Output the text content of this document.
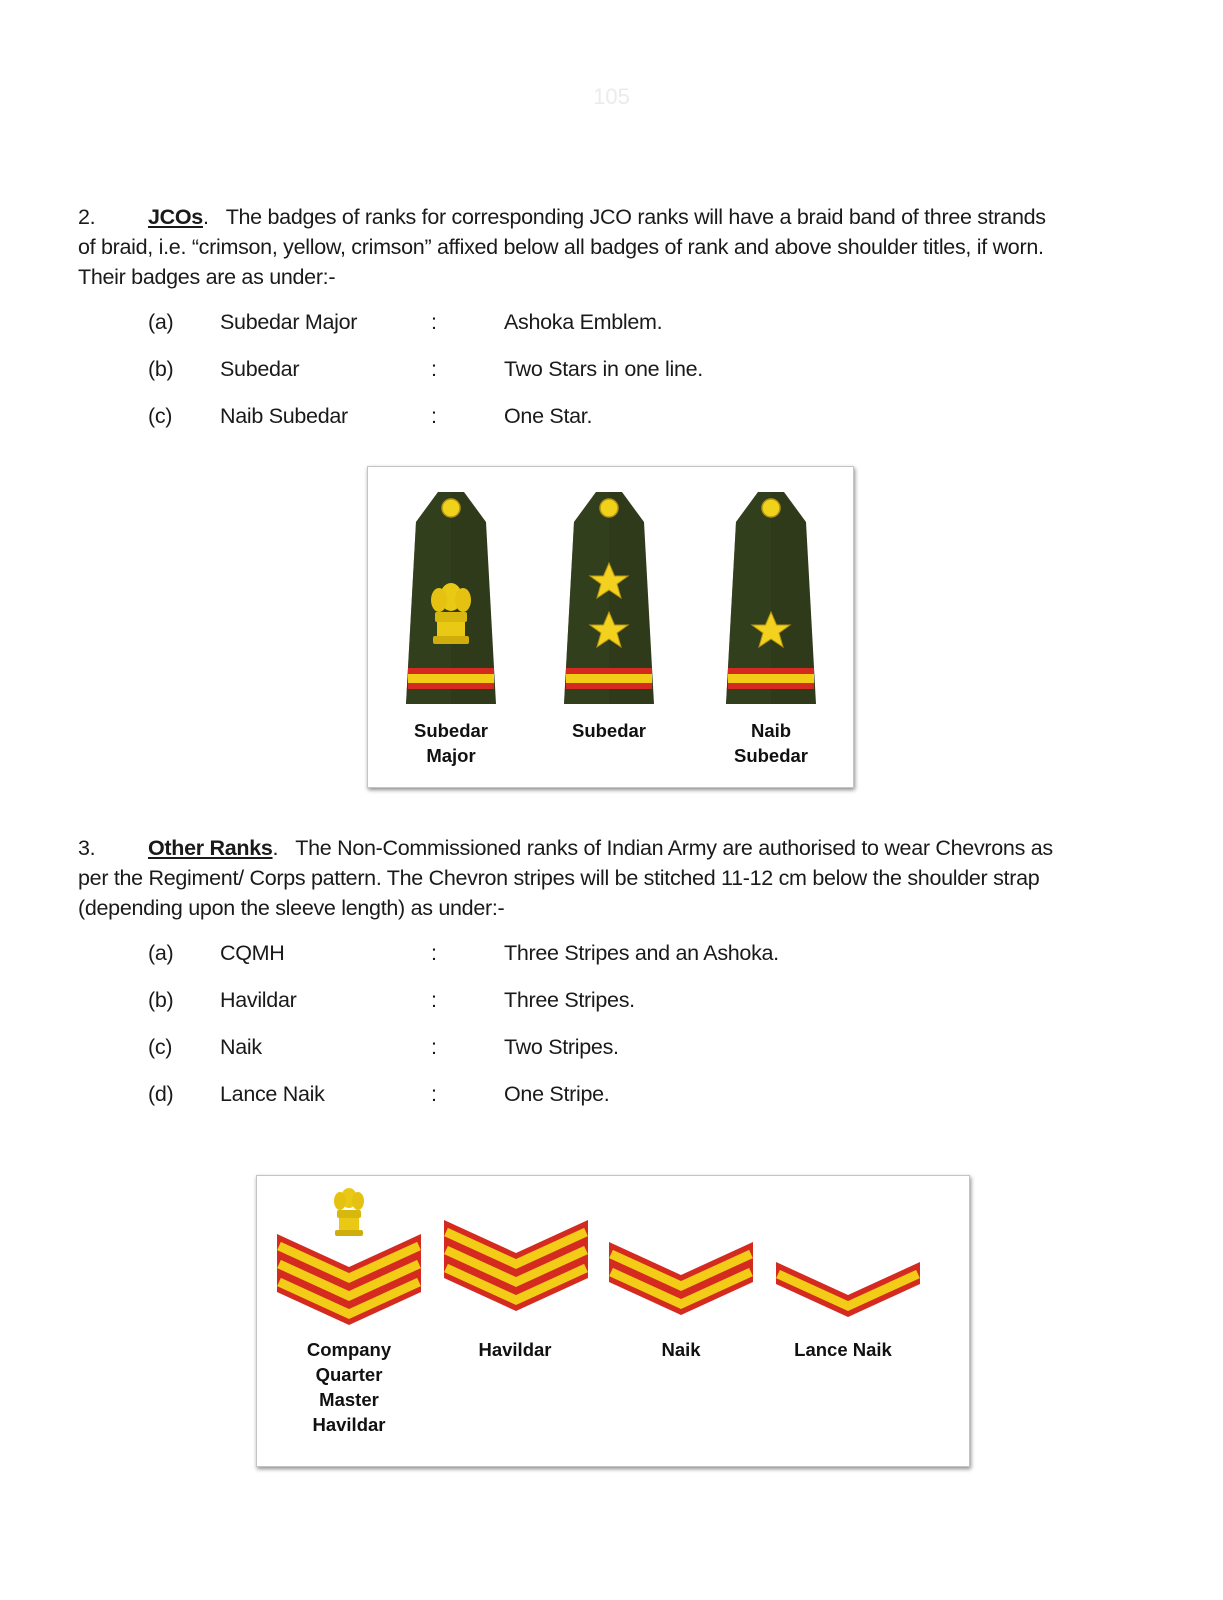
105
2. JCOs. The badges of ranks for corresponding JCO ranks will have a braid band of three strands
of braid, i.e. “crimson, yellow, crimson” affixed below all badges of rank and above shoulder titles, if worn.
Their badges are as under:-
(a) Subedar Major	:	Ashoka Emblem.
(b) Subedar	:	Two Stars in one line.
(c) Naib Subedar	:	One Star.
Subedar
Major
Subedar	Naib
Subedar
3. Other Ranks. The Non-Commissioned ranks of Indian Army are authorised to wear Chevrons as
per the Regiment/ Corps pattern. The Chevron stripes will be stitched 11-12 cm below the shoulder strap
(depending upon the sleeve length) as under:-
(a) CQMH	:	Three Stripes and an Ashoka.
(b) Havildar	:	Three Stripes.
(c) Naik	:	Two Stripes.
(d) Lance Naik	:	One Stripe.
Company
Quarter
Master
Havildar
Havildar	Naik	Lance Naik
